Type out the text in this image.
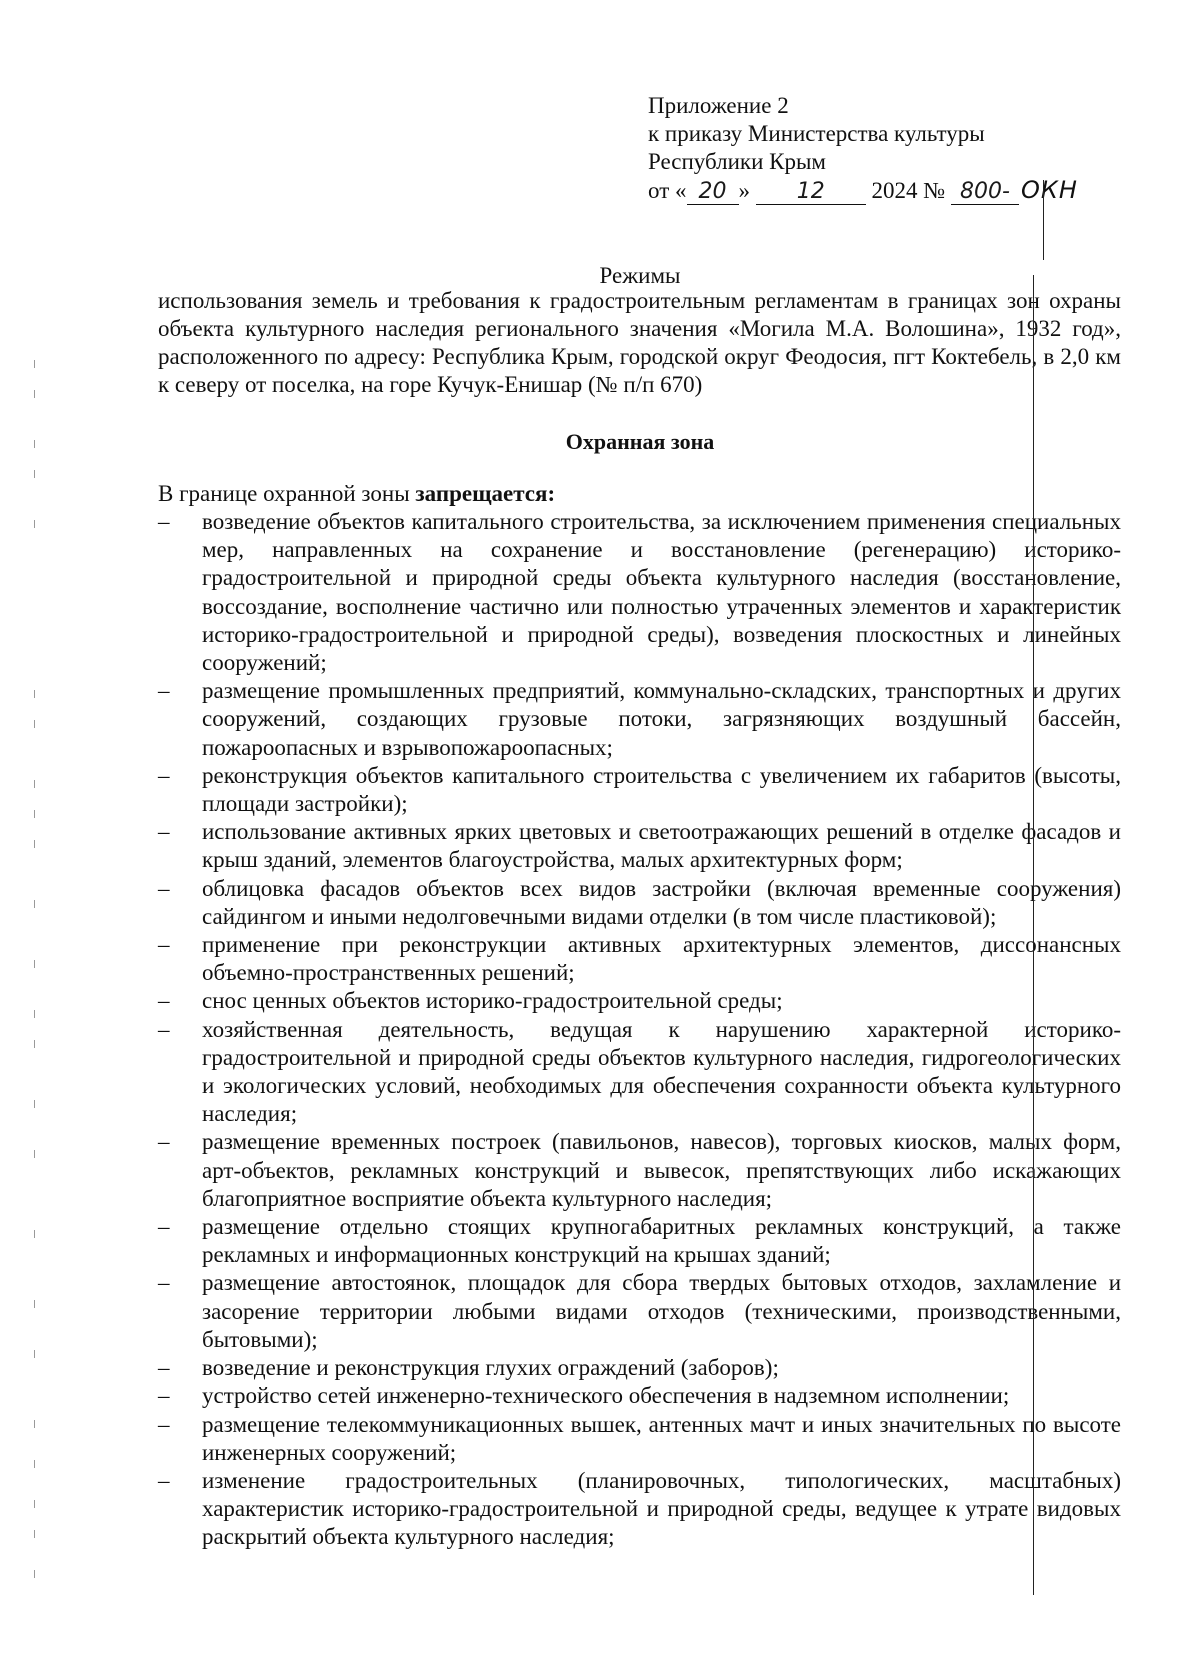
Приложение 2
к приказу Министерства культуры
Республики Крым
от « 20 » 12 2024 № 800- ОКН
Режимы
использования земель и требования к градостроительным регламентам в границах зон охраны объекта культурного наследия регионального значения «Могила М.А. Волошина», 1932 год», расположенного по адресу: Республика Крым, городской округ Феодосия, пгт Коктебель, в 2,0 км к северу от поселка, на горе Кучук-Енишар (№ п/п 670)
Охранная зона
В границе охранной зоны запрещается:
–	возведение объектов капитального строительства, за исключением применения специальных мер, направленных на сохранение и восстановление (регенерацию) историко-градостроительной и природной среды объекта культурного наследия (восстановление, воссоздание, восполнение частично или полностью утраченных элементов и характеристик историко-градостроительной и природной среды), возведения плоскостных и линейных сооружений;
–	размещение промышленных предприятий, коммунально-складских, транспортных и других сооружений, создающих грузовые потоки, загрязняющих воздушный бассейн, пожароопасных и взрывопожароопасных;
–	реконструкция объектов капитального строительства с увеличением их габаритов (высоты, площади застройки);
–	использование активных ярких цветовых и светоотражающих решений в отделке фасадов и крыш зданий, элементов благоустройства, малых архитектурных форм;
–	облицовка фасадов объектов всех видов застройки (включая временные сооружения) сайдингом и иными недолговечными видами отделки (в том числе пластиковой);
–	применение при реконструкции активных архитектурных элементов, диссонансных объемно-пространственных решений;
–	снос ценных объектов историко-градостроительной среды;
–	хозяйственная деятельность, ведущая к нарушению характерной историко-градостроительной и природной среды объектов культурного наследия, гидрогеологических и экологических условий, необходимых для обеспечения сохранности объекта культурного наследия;
–	размещение временных построек (павильонов, навесов), торговых киосков, малых форм, арт-объектов, рекламных конструкций и вывесок, препятствующих либо искажающих благоприятное восприятие объекта культурного наследия;
–	размещение отдельно стоящих крупногабаритных рекламных конструкций, а также рекламных и информационных конструкций на крышах зданий;
–	размещение автостоянок, площадок для сбора твердых бытовых отходов, захламление и засорение территории любыми видами отходов (техническими, производственными, бытовыми);
–	возведение и реконструкция глухих ограждений (заборов);
–	устройство сетей инженерно-технического обеспечения в надземном исполнении;
–	размещение телекоммуникационных вышек, антенных мачт и иных значительных по высоте инженерных сооружений;
–	изменение градостроительных (планировочных, типологических, масштабных) характеристик историко-градостроительной и природной среды, ведущее к утрате видовых раскрытий объекта культурного наследия;
